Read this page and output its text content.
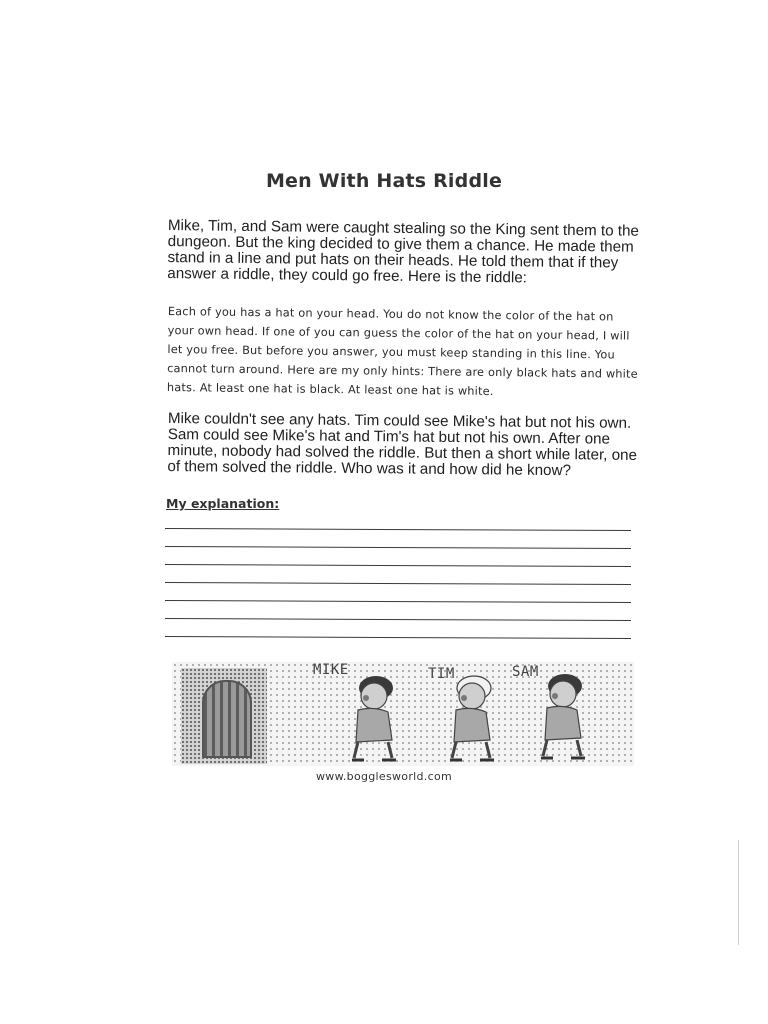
Men With Hats Riddle

Mike, Tim, and Sam were caught stealing so the King sent them to the dungeon. But the king decided to give them a chance. He made them stand in a line and put hats on their heads. He told them that if they answer a riddle, they could go free. Here is the riddle:

Each of you has a hat on your head. You do not know the color of the hat on your own head. If one of you can guess the color of the hat on your head, I will let you free. But before you answer, you must keep standing in this line. You cannot turn around. Here are my only hints: There are only black hats and white hats. At least one hat is black. At least one hat is white.

Mike couldn't see any hats. Tim could see Mike's hat but not his own. Sam could see Mike's hat and Tim's hat but not his own. After one minute, nobody had solved the riddle. But then a short while later, one of them solved the riddle. Who was it and how did he know?

My explanation:
MIKE	TIM	SAM
www.bogglesworld.com
